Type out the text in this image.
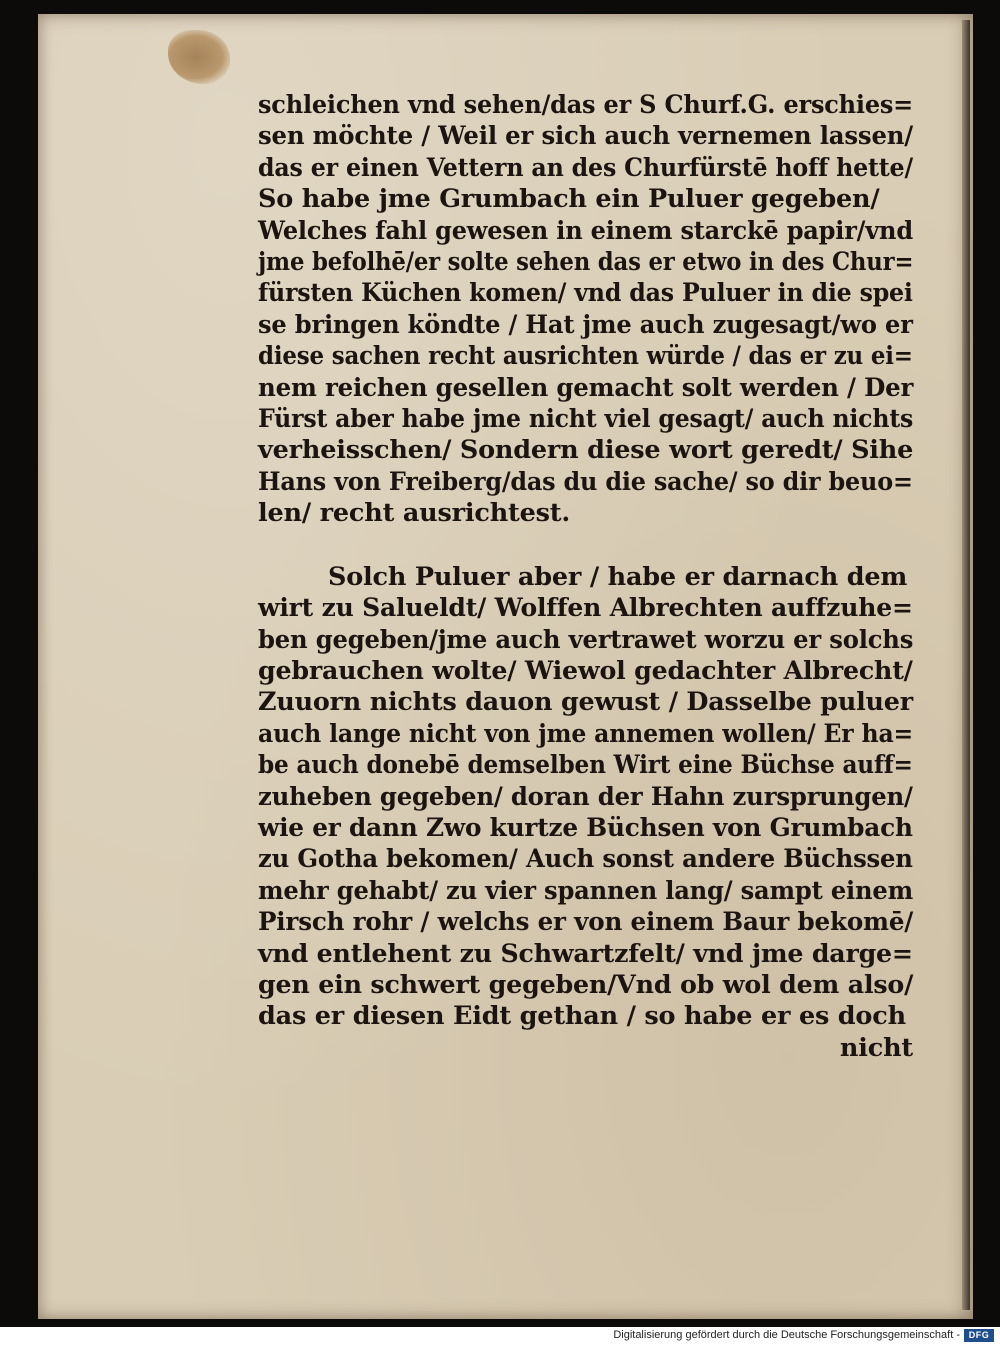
schleichen vnd sehen/das er S Churf.G. erschies=
sen möchte / Weil er sich auch vernemen lassen/
das er einen Vettern an des Churfürstē hoff hette/
So habe jme Grumbach ein Puluer gegeben/
Welches fahl gewesen in einem starckē papir/vnd
jme befolhē/er solte sehen das er etwo in des Chur=
fürsten Küchen komen/ vnd das Puluer in die spei
se bringen köndte / Hat jme auch zugesagt/wo er
diese sachen recht ausrichten würde / das er zu ei=
nem reichen gesellen gemacht solt werden / Der
Fürst aber habe jme nicht viel gesagt/ auch nichts
verheisschen/ Sondern diese wort geredt/ Sihe
Hans von Freiberg/das du die sache/ so dir beuo=
len/ recht ausrichtest.

Solch Puluer aber / habe er darnach dem
wirt zu Salueldt/ Wolffen Albrechten auffzuhe=
ben gegeben/jme auch vertrawet worzu er solchs
gebrauchen wolte/ Wiewol gedachter Albrecht/
Zuuorn nichts dauon gewust / Dasselbe puluer
auch lange nicht von jme annemen wollen/ Er ha=
be auch donebē demselben Wirt eine Büchse auff=
zuheben gegeben/ doran der Hahn zursprungen/
wie er dann Zwo kurtze Büchsen von Grumbach
zu Gotha bekomen/ Auch sonst andere Büchssen
mehr gehabt/ zu vier spannen lang/ sampt einem
Pirsch rohr / welchs er von einem Baur bekomē/
vnd entlehent zu Schwartzfelt/ vnd jme darge=
gen ein schwert gegeben/Vnd ob wol dem also/
das er diesen Eidt gethan / so habe er es doch
nicht

Digitalisierung gefördert durch die Deutsche Forschungsgemeinschaft - DFG
